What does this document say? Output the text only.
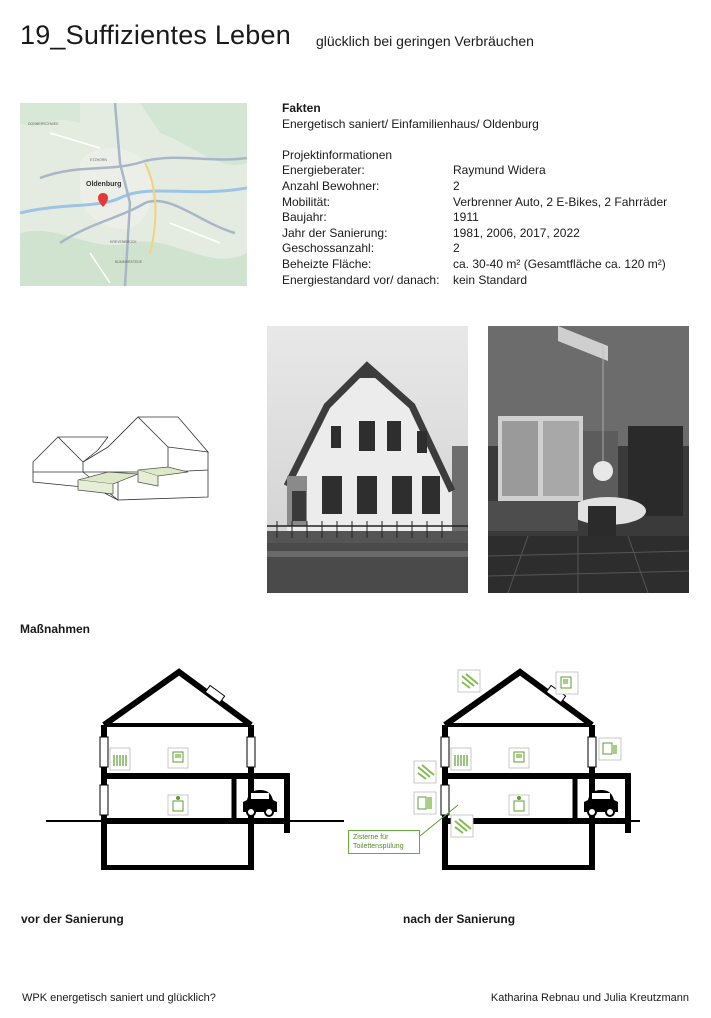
19_Suffizientes Leben glücklich bei geringen Verbräuchen
Oldenburg
DONNERSCHWEE
ETZHORN
KREYENBRÜCK
BÜMMERSTEDE
Fakten
Energetisch saniert/ Einfamilienhaus/ Oldenburg
Projektinformationen
Energieberater:	Raymund Widera
Anzahl Bewohner:	2
Mobilität:	Verbrenner Auto, 2 E-Bikes, 2 Fahrräder
Baujahr:	1911
Jahr der Sanierung:	1981, 2006, 2017, 2022
Geschossanzahl:	2
Beheizte Fläche:	ca. 30-40 m² (Gesamtfläche ca. 120 m²)
Energiestandard vor/ danach:	kein Standard
Maßnahmen
Zisterne für Toilettenspülung
vor der Sanierung	nach der Sanierung
WPK energetisch saniert und glücklich?	Katharina Rebnau und Julia Kreutzmann
